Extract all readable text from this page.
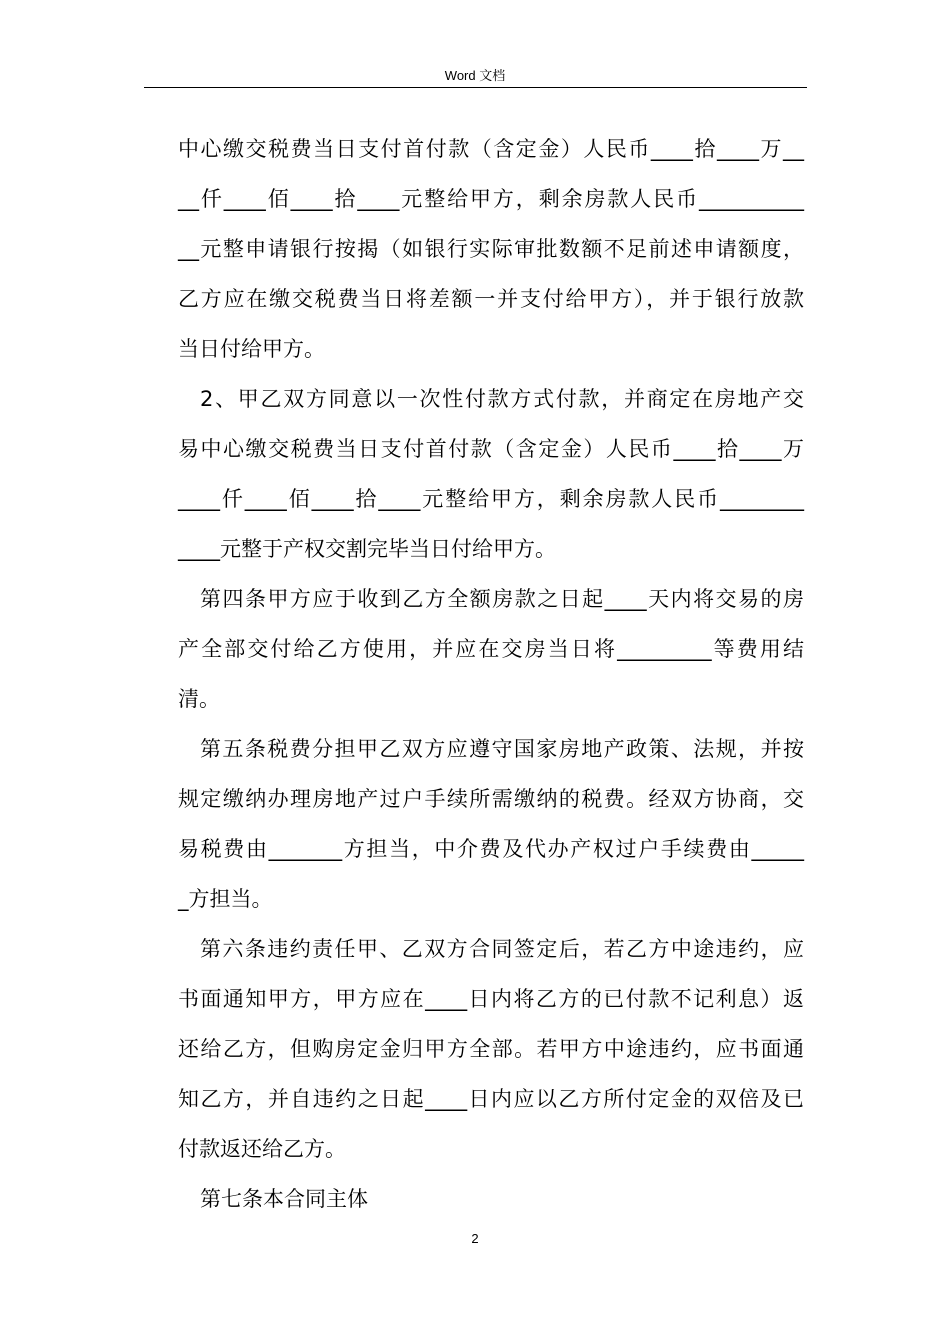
Word 文档
中心缴交税费当日支付首付款（含定金）人民币____拾____万__
__仟____佰____拾____元整给甲方，剩余房款人民币__________
__元整申请银行按揭（如银行实际审批数额不足前述申请额度，
乙方应在缴交税费当日将差额一并支付给甲方），并于银行放款
当日付给甲方。
2、甲乙双方同意以一次性付款方式付款，并商定在房地产交
易中心缴交税费当日支付首付款（含定金）人民币____拾____万
____仟____佰____拾____元整给甲方，剩余房款人民币________
____元整于产权交割完毕当日付给甲方。
第四条甲方应于收到乙方全额房款之日起____天内将交易的房
产全部交付给乙方使用，并应在交房当日将_________等费用结
清。
第五条税费分担甲乙双方应遵守国家房地产政策、法规，并按
规定缴纳办理房地产过户手续所需缴纳的税费。经双方协商，交
易税费由_______方担当，中介费及代办产权过户手续费由_____
_方担当。
第六条违约责任甲、乙双方合同签定后，若乙方中途违约，应
书面通知甲方，甲方应在____日内将乙方的已付款不记利息）返
还给乙方，但购房定金归甲方全部。若甲方中途违约，应书面通
知乙方，并自违约之日起____日内应以乙方所付定金的双倍及已
付款返还给乙方。
第七条本合同主体
2
